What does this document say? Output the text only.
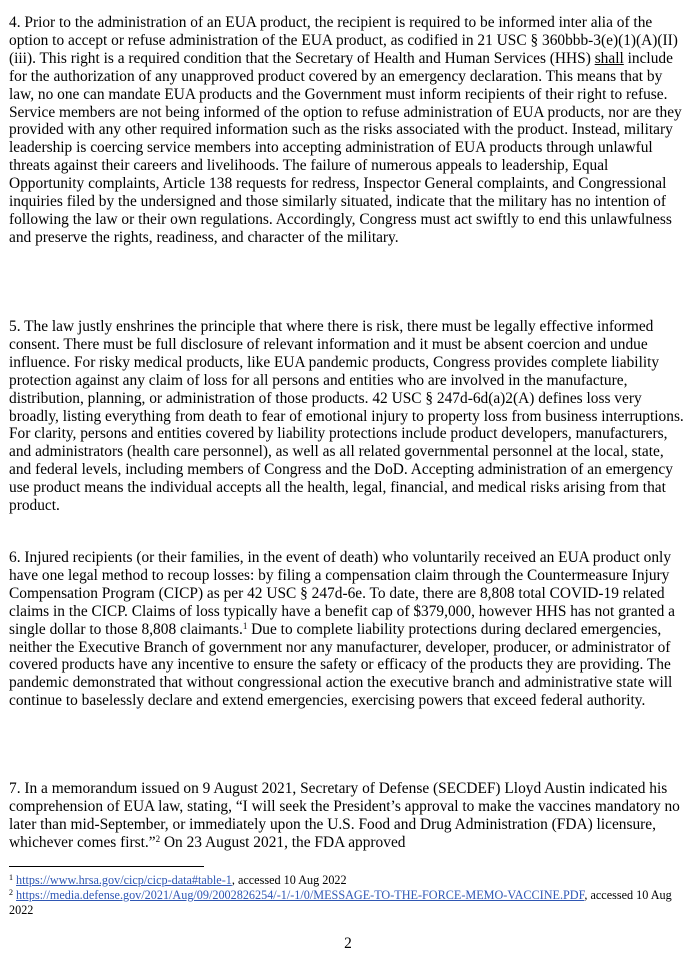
4. Prior to the administration of an EUA product, the recipient is required to be informed inter alia of the option to accept or refuse administration of the EUA product, as codified in 21 USC § 360bbb-3(e)(1)(A)(II)(iii). This right is a required condition that the Secretary of Health and Human Services (HHS) shall include for the authorization of any unapproved product covered by an emergency declaration. This means that by law, no one can mandate EUA products and the Government must inform recipients of their right to refuse. Service members are not being informed of the option to refuse administration of EUA products, nor are they provided with any other required information such as the risks associated with the product. Instead, military leadership is coercing service members into accepting administration of EUA products through unlawful threats against their careers and livelihoods. The failure of numerous appeals to leadership, Equal Opportunity complaints, Article 138 requests for redress, Inspector General complaints, and Congressional inquiries filed by the undersigned and those similarly situated, indicate that the military has no intention of following the law or their own regulations. Accordingly, Congress must act swiftly to end this unlawfulness and preserve the rights, readiness, and character of the military.

5. The law justly enshrines the principle that where there is risk, there must be legally effective informed consent. There must be full disclosure of relevant information and it must be absent coercion and undue influence. For risky medical products, like EUA pandemic products, Congress provides complete liability protection against any claim of loss for all persons and entities who are involved in the manufacture, distribution, planning, or administration of those products. 42 USC § 247d-6d(a)2(A) defines loss very broadly, listing everything from death to fear of emotional injury to property loss from business interruptions. For clarity, persons and entities covered by liability protections include product developers, manufacturers, and administrators (health care personnel), as well as all related governmental personnel at the local, state, and federal levels, including members of Congress and the DoD. Accepting administration of an emergency use product means the individual accepts all the health, legal, financial, and medical risks arising from that product.

6. Injured recipients (or their families, in the event of death) who voluntarily received an EUA product only have one legal method to recoup losses: by filing a compensation claim through the Countermeasure Injury Compensation Program (CICP) as per 42 USC § 247d-6e. To date, there are 8,808 total COVID-19 related claims in the CICP. Claims of loss typically have a benefit cap of $379,000, however HHS has not granted a single dollar to those 8,808 claimants.$^1$ Due to complete liability protections during declared emergencies, neither the Executive Branch of government nor any manufacturer, developer, producer, or administrator of covered products have any incentive to ensure the safety or efficacy of the products they are providing. The pandemic demonstrated that without congressional action the executive branch and administrative state will continue to baselessly declare and extend emergencies, exercising powers that exceed federal authority.

7. In a memorandum issued on 9 August 2021, Secretary of Defense (SECDEF) Lloyd Austin indicated his comprehension of EUA law, stating, “I will seek the President’s approval to make the vaccines mandatory no later than mid-September, or immediately upon the U.S. Food and Drug Administration (FDA) licensure, whichever comes first.”$^2$ On 23 August 2021, the FDA approved

$^1$ https://www.hrsa.gov/cicp/cicp-data#table-1, accessed 10 Aug 2022

$^2$ https://media.defense.gov/2021/Aug/09/2002826254/-1/-1/0/MESSAGE-TO-THE-FORCE-MEMO-VACCINE.PDF, accessed 10 Aug 2022

2
